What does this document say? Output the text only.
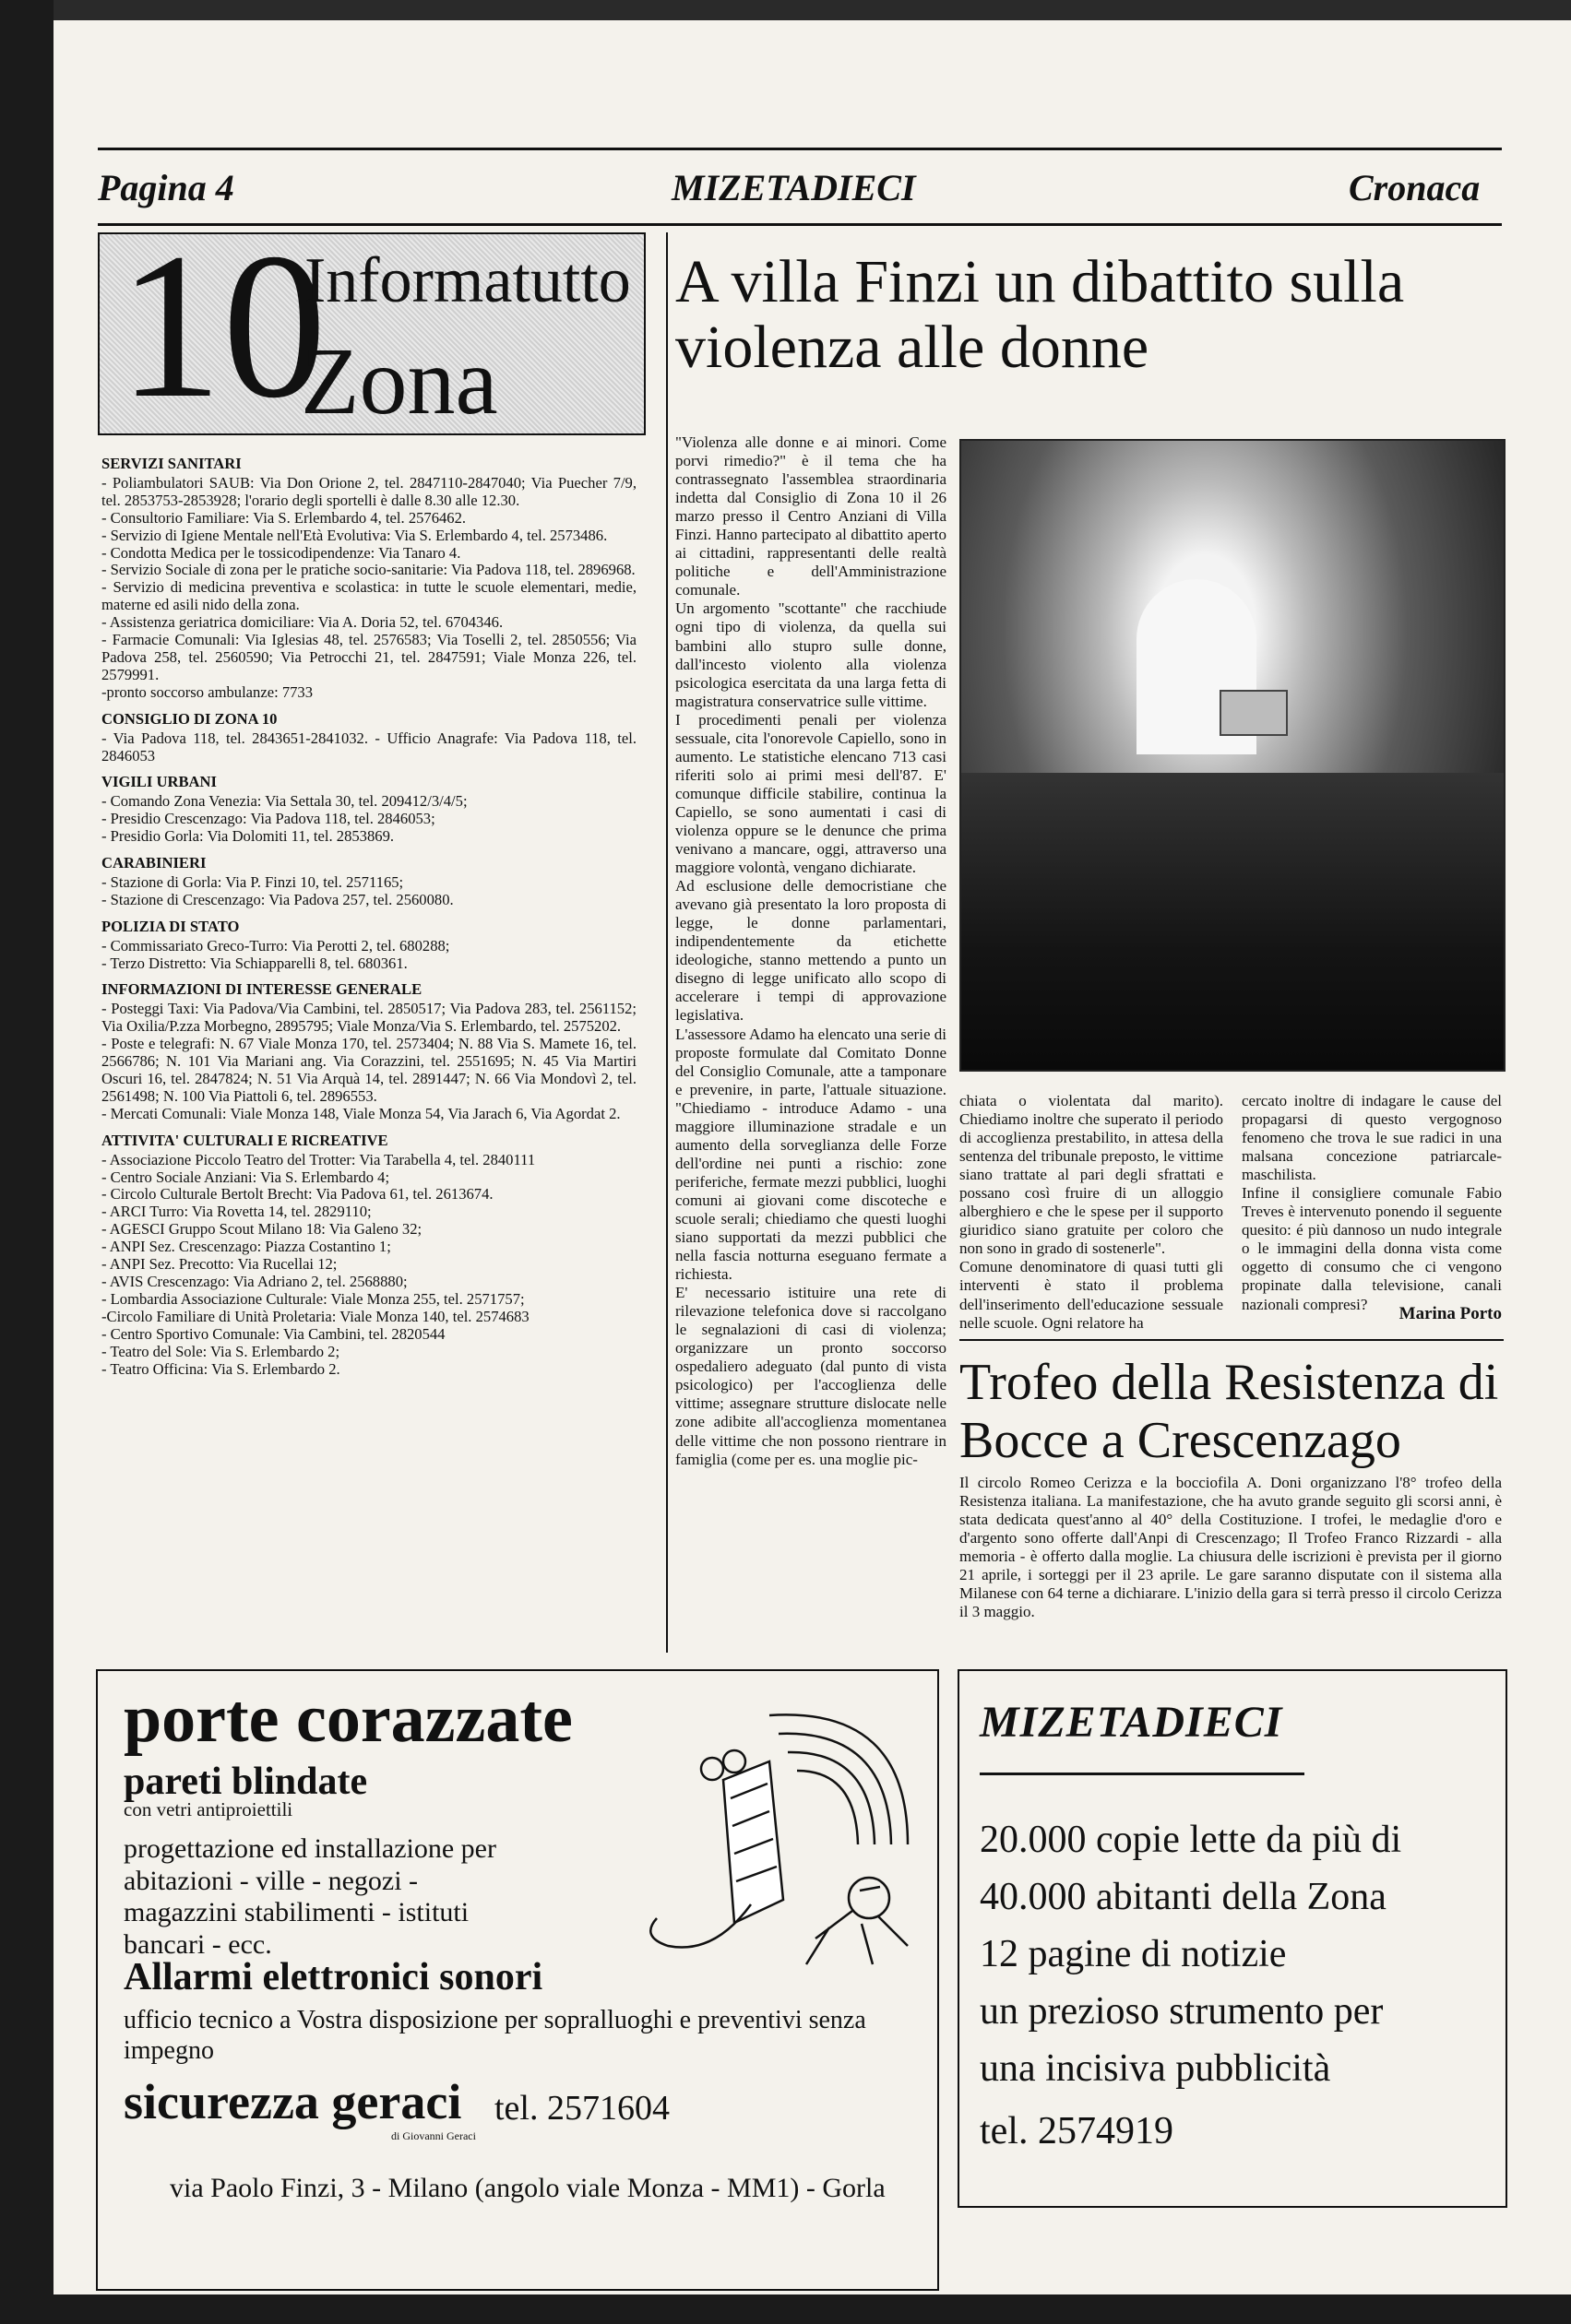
Pagina 4	MIZETADIECI	Cronaca
10
Informatutto
Zona
SERVIZI SANITARI

- Poliambulatori SAUB: Via Don Orione 2, tel. 2847110-2847040; Via Puecher 7/9, tel. 2853753-2853928; l'orario degli sportelli è dalle 8.30 alle 12.30.

- Consultorio Familiare: Via S. Erlembardo 4, tel. 2576462.

- Servizio di Igiene Mentale nell'Età Evolutiva: Via S. Erlembardo 4, tel. 2573486.

- Condotta Medica per le tossicodipendenze: Via Tanaro 4.

- Servizio Sociale di zona per le pratiche socio-sanitarie: Via Padova 118, tel. 2896968.

- Servizio di medicina preventiva e scolastica: in tutte le scuole elementari, medie, materne ed asili nido della zona.

- Assistenza geriatrica domiciliare: Via A. Doria 52, tel. 6704346.

- Farmacie Comunali: Via Iglesias 48, tel. 2576583; Via Toselli 2, tel. 2850556; Via Padova 258, tel. 2560590; Via Petrocchi 21, tel. 2847591; Viale Monza 226, tel. 2579991.

-pronto soccorso ambulanze: 7733

CONSIGLIO DI ZONA 10

- Via Padova 118, tel. 2843651-2841032. - Ufficio Anagrafe: Via Padova 118, tel. 2846053

VIGILI URBANI

- Comando Zona Venezia: Via Settala 30, tel. 209412/3/4/5;

- Presidio Crescenzago: Via Padova 118, tel. 2846053;

- Presidio Gorla: Via Dolomiti 11, tel. 2853869.

CARABINIERI

- Stazione di Gorla: Via P. Finzi 10, tel. 2571165;

- Stazione di Crescenzago: Via Padova 257, tel. 2560080.

POLIZIA DI STATO

- Commissariato Greco-Turro: Via Perotti 2, tel. 680288;

- Terzo Distretto: Via Schiapparelli 8, tel. 680361.

INFORMAZIONI DI INTERESSE GENERALE

- Posteggi Taxi: Via Padova/Via Cambini, tel. 2850517; Via Padova 283, tel. 2561152; Via Oxilia/P.zza Morbegno, 2895795; Viale Monza/Via S. Erlembardo, tel. 2575202.

- Poste e telegrafi: N. 67 Viale Monza 170, tel. 2573404; N. 88 Via S. Mamete 16, tel. 2566786; N. 101 Via Mariani ang. Via Corazzini, tel. 2551695; N. 45 Via Martiri Oscuri 16, tel. 2847824; N. 51 Via Arquà 14, tel. 2891447; N. 66 Via Mondovì 2, tel. 2561498; N. 100 Via Piattoli 6, tel. 2896553.

- Mercati Comunali: Viale Monza 148, Viale Monza 54, Via Jarach 6, Via Agordat 2.

ATTIVITA' CULTURALI E RICREATIVE

- Associazione Piccolo Teatro del Trotter: Via Tarabella 4, tel. 2840111

- Centro Sociale Anziani: Via S. Erlembardo 4;

- Circolo Culturale Bertolt Brecht: Via Padova 61, tel. 2613674.

- ARCI Turro: Via Rovetta 14, tel. 2829110;

- AGESCI Gruppo Scout Milano 18: Via Galeno 32;

- ANPI Sez. Crescenzago: Piazza Costantino 1;

- ANPI Sez. Precotto: Via Rucellai 12;

- AVIS Crescenzago: Via Adriano 2, tel. 2568880;

- Lombardia Associazione Culturale: Viale Monza 255, tel. 2571757;

-Circolo Familiare di Unità Proletaria: Viale Monza 140, tel. 2574683

- Centro Sportivo Comunale: Via Cambini, tel. 2820544

- Teatro del Sole: Via S. Erlembardo 2;

- Teatro Officina: Via S. Erlembardo 2.

A villa Finzi un dibattito sulla violenza alle donne

"Violenza alle donne e ai minori. Come porvi rimedio?" è il tema che ha contrassegnato l'assemblea straordinaria indetta dal Consiglio di Zona 10 il 26 marzo presso il Centro Anziani di Villa Finzi. Hanno partecipato al dibattito aperto ai cittadini, rappresentanti delle realtà politiche e dell'Amministrazione comunale.

Un argomento "scottante" che racchiude ogni tipo di violenza, da quella sui bambini allo stupro sulle donne, dall'incesto violento alla violenza psicologica esercitata da una larga fetta di magistratura conservatrice sulle vittime.

I procedimenti penali per violenza sessuale, cita l'onorevole Capiello, sono in aumento. Le statistiche elencano 713 casi riferiti solo ai primi mesi dell'87. E' comunque difficile stabilire, continua la Capiello, se sono aumentati i casi di violenza oppure se le denunce che prima venivano a mancare, oggi, attraverso una maggiore volontà, vengano dichiarate.

Ad esclusione delle democristiane che avevano già presentato la loro proposta di legge, le donne parlamentari, indipendentemente da etichette ideologiche, stanno mettendo a punto un disegno di legge unificato allo scopo di accelerare i tempi di approvazione legislativa.

L'assessore Adamo ha elencato una serie di proposte formulate dal Comitato Donne del Consiglio Comunale, atte a tamponare e prevenire, in parte, l'attuale situazione. "Chiediamo - introduce Adamo - una maggiore illuminazione stradale e un aumento della sorveglianza delle Forze dell'ordine nei punti a rischio: zone periferiche, fermate mezzi pubblici, luoghi comuni ai giovani come discoteche e scuole serali; chiediamo che questi luoghi siano supportati da mezzi pubblici che nella fascia notturna eseguano fermate a richiesta.

E' necessario istituire una rete di rilevazione telefonica dove si raccolgano le segnalazioni di casi di violenza; organizzare un pronto soccorso ospedaliero adeguato (dal punto di vista psicologico) per l'accoglienza delle vittime; assegnare strutture dislocate nelle zone adibite all'accoglienza momentanea delle vittime che non possono rientrare in famiglia (come per es. una moglie pic-

chiata o violentata dal marito). Chiediamo inoltre che superato il periodo di accoglienza prestabilito, in attesa della sentenza del tribunale preposto, le vittime siano trattate al pari degli sfrattati e possano così fruire di un alloggio alberghiero e che le spese per il supporto giuridico siano gratuite per coloro che non sono in grado di sostenerle".

Comune denominatore di quasi tutti gli interventi è stato il problema dell'inserimento dell'educazione sessuale nelle scuole. Ogni relatore ha

cercato inoltre di indagare le cause del propagarsi di questo vergognoso fenomeno che trova le sue radici in una malsana concezione patriarcale-maschilista.

Infine il consigliere comunale Fabio Treves è intervenuto ponendo il seguente quesito: é più dannoso un nudo integrale o le immagini della donna vista come oggetto di consumo che ci vengono propinate dalla televisione, canali nazionali compresi?	Marina Porto
Trofeo della Resistenza di Bocce a Crescenzago
Il circolo Romeo Cerizza e la bocciofila A. Doni organizzano l'8° trofeo della Resistenza italiana. La manifestazione, che ha avuto grande seguito gli scorsi anni, è stata dedicata quest'anno al 40° della Costituzione. I trofei, le medaglie d'oro e d'argento sono offerte dall'Anpi di Crescenzago; Il Trofeo Franco Rizzardi - alla memoria - è offerto dalla moglie. La chiusura delle iscrizioni è prevista per il giorno 21 aprile, i sorteggi per il 23 aprile. Le gare saranno disputate con il sistema alla Milanese con 64 terne a dichiarare. L'inizio della gara si terrà presso il circolo Cerizza il 3 maggio.
porte corazzate
pareti blindate
con vetri antiproiettili
progettazione ed installazione per abitazioni - ville - negozi -magazzini stabilimenti - istituti bancari - ecc.
Allarmi elettronici sonori
ufficio tecnico a Vostra disposizione per sopralluoghi e preventivi senza impegno
sicurezza geraci tel. 2571604
di Giovanni Geraci
via Paolo Finzi, 3 - Milano (angolo viale Monza - MM1) - Gorla
MIZETADIECI
20.000 copie lette da più di
40.000 abitanti della Zona
12 pagine di notizie
un prezioso strumento per
una incisiva pubblicità
tel. 2574919
